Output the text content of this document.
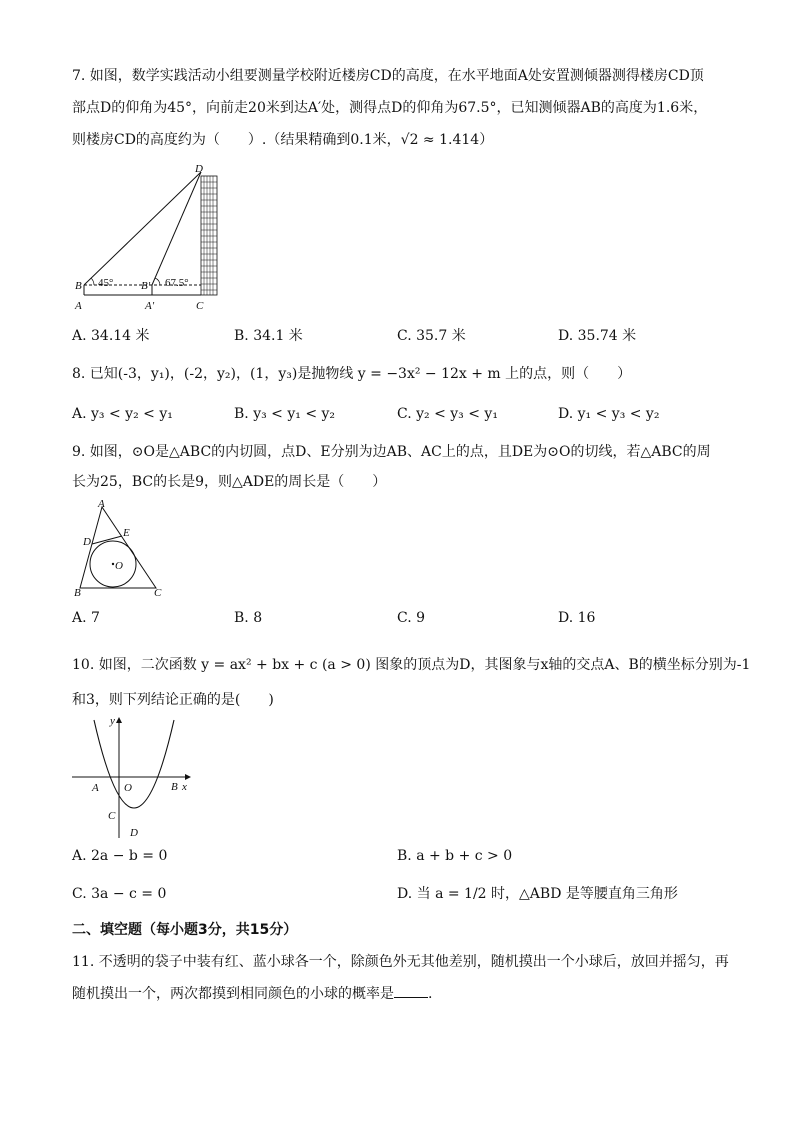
7. 如图，数学实践活动小组要测量学校附近楼房CD的高度，在水平地面A处安置测倾器测得楼房CD顶
部点D的仰角为45°，向前走20米到达A′处，测得点D的仰角为67.5°，已知测倾器AB的高度为1.6米，
则楼房CD的高度约为（　　）.（结果精确到0.1米，√2 ≈ 1.414）
D
B
A
B′
A′	C
45°	67.5°
A. 34.14 米	B. 34.1 米	C. 35.7 米	D. 35.74 米
8. 已知(-3，y₁)，(-2，y₂)，(1，y₃)是抛物线 y = −3x² − 12x + m 上的点，则（　　）
A. y₃ < y₂ < y₁	B. y₃ < y₁ < y₂	C. y₂ < y₃ < y₁	D. y₁ < y₃ < y₂
9. 如图，⊙O是△ABC的内切圆，点D、E分别为边AB、AC上的点，且DE为⊙O的切线，若△ABC的周
长为25，BC的长是9，则△ADE的周长是（　　）
A
E
D
O
B	C
A. 7	B. 8	C. 9	D. 16
10. 如图，二次函数 y = ax² + bx + c (a > 0) 图象的顶点为D，其图象与x轴的交点A、B的横坐标分别为-1
和3，则下列结论正确的是(　　)
y
x
A O	B
C
D
A. 2a − b = 0	B. a + b + c > 0
C. 3a − c = 0	D. 当 a = 1/2 时，△ABD 是等腰直角三角形
二、填空题（每小题3分，共15分）
11. 不透明的袋子中装有红、蓝小球各一个，除颜色外无其他差别，随机摸出一个小球后，放回并摇匀，再
随机摸出一个，两次都摸到相同颜色的小球的概率是 .
